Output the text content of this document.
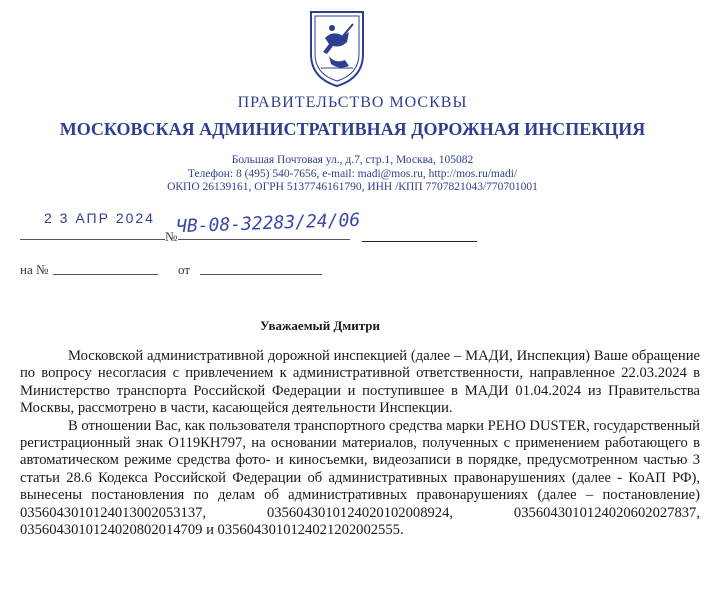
ПРАВИТЕЛЬСТВО МОСКВЫ
МОСКОВСКАЯ АДМИНИСТРАТИВНАЯ ДОРОЖНАЯ ИНСПЕКЦИЯ
Большая Почтовая ул., д.7, стр.1, Москва, 105082
Телефон: 8 (495) 540-7656, e-mail: madi@mos.ru, http://mos.ru/madi/
ОКПО 26139161, ОГРН 5137746161790, ИНН /КПП 7707821043/770701001
2 3 АПР 2024
№
ЧВ-08-32283/24/06
на №	от
Уважаемый Дмитри

Московской административной дорожной инспекцией (далее – МАДИ, Инспекция) Ваше обращение по вопросу несогласия с привлечением к административной ответственности, направленное 22.03.2024 в Министерство транспорта Российской Федерации и поступившее в МАДИ 01.04.2024 из Правительства Москвы, рассмотрено в части, касающейся деятельности Инспекции.

В отношении Вас, как пользователя транспортного средства марки РЕНО DUSTER, государственный регистрационный знак О119КН797, на основании материалов, полученных с применением работающего в автоматическом режиме средства фото- и киносъемки, видеозаписи в порядке, предусмотренном частью 3 статьи 28.6 Кодекса Российской Федерации об административных правонарушениях (далее - КоАП РФ), вынесены постановления по делам об административных правонарушениях (далее – постановление) 0356043010124013002053137, 0356043010124020102008924, 0356043010124020602027837, 0356043010124020802014709 и 0356043010124021202002555.
